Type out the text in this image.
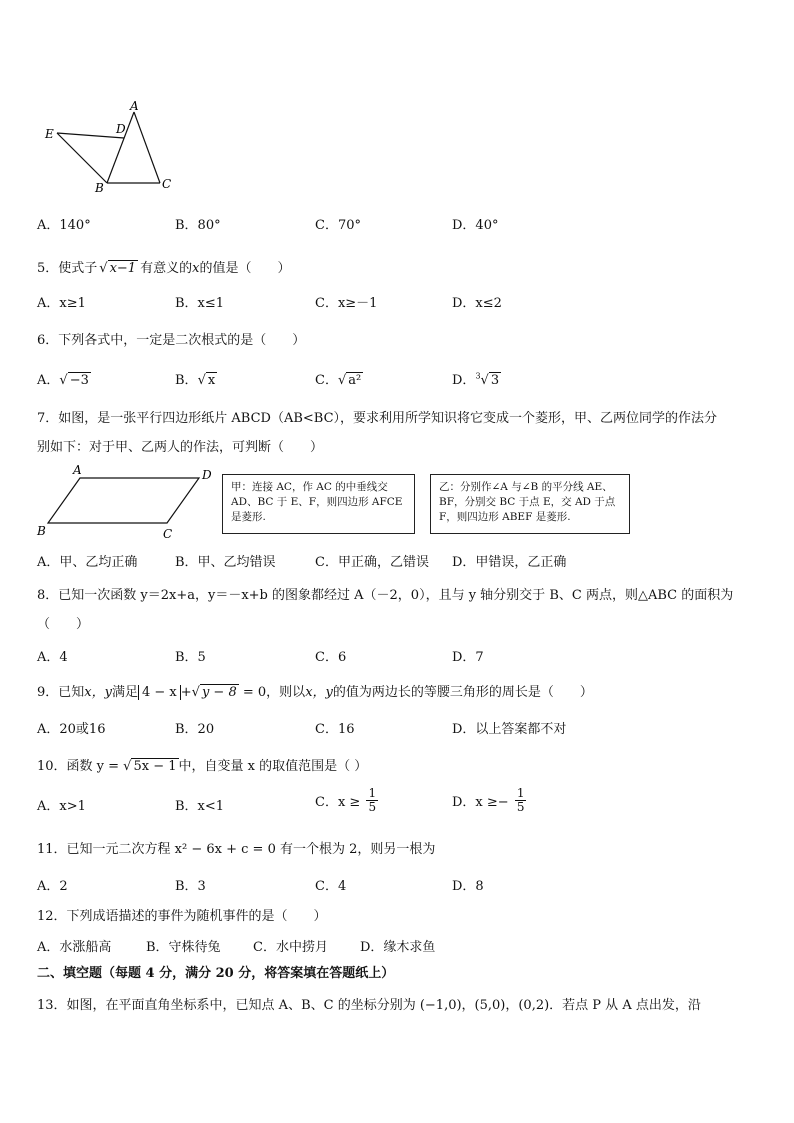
A
D
E
B	C
A．140°	B．80°	C．70°	D．40°
5．使式子 √ x−1 有意义的x的值是（　　）
A．x≥1	B．x≤1	C．x≥－1	D．x≤2
6．下列各式中，一定是二次根式的是（　　）
A．√ −3	B．√ x	C．√ a²	D．$^3$√ 3
7．如图，是一张平行四边形纸片 ABCD（AB<BC），要求利用所学知识将它变成一个菱形，甲、乙两位同学的作法分
别如下：对于甲、乙两人的作法，可判断（　　）
A	D
B	C
甲：连接 AC，作 AC 的中垂线交 AD、BC 于 E、F，则四边形 AFCE 是菱形.
乙：分别作∠A 与∠B 的平分线 AE、BF，分别交 BC 于点 E，交 AD 于点 F，则四边形 ABEF 是菱形.
A．甲、乙均正确	B．甲、乙均错误	C．甲正确，乙错误 D．甲错误，乙正确
8．已知一次函数 y＝2x+a，y＝－x+b 的图象都经过 A（－2，0），且与 y 轴分别交于 B、C 两点，则△ABC 的面积为
（　　）
A．4	B．5	C．6	D．7
9．已知x，y满足 4 − x +√ y − 8 = 0，则以x，y的值为两边长的等腰三角形的周长是（　　）
A．20或16	B．20	C．16	D．以上答案都不对
10．函数 y = √ 5x − 1 中，自变量 x 的取值范围是（ ）
A．x>1	B．x<1	C．$x \ge \frac{1}{5}$	D．$x \ge- \frac{1}{5}$
11．已知一元二次方程 x² − 6x + c = 0 有一个根为 2，则另一根为
A．2	B．3	C．4	D．8
12．下列成语描述的事件为随机事件的是（　　）
A．水涨船高	B．守株待兔 C．水中捞月 D．缘木求鱼
二、填空题（每题 4 分，满分 20 分，将答案填在答题纸上）
13．如图，在平面直角坐标系中，已知点 A、B、C 的坐标分别为 (−1,0)，(5,0)，(0,2)．若点 P 从 A 点出发，沿
